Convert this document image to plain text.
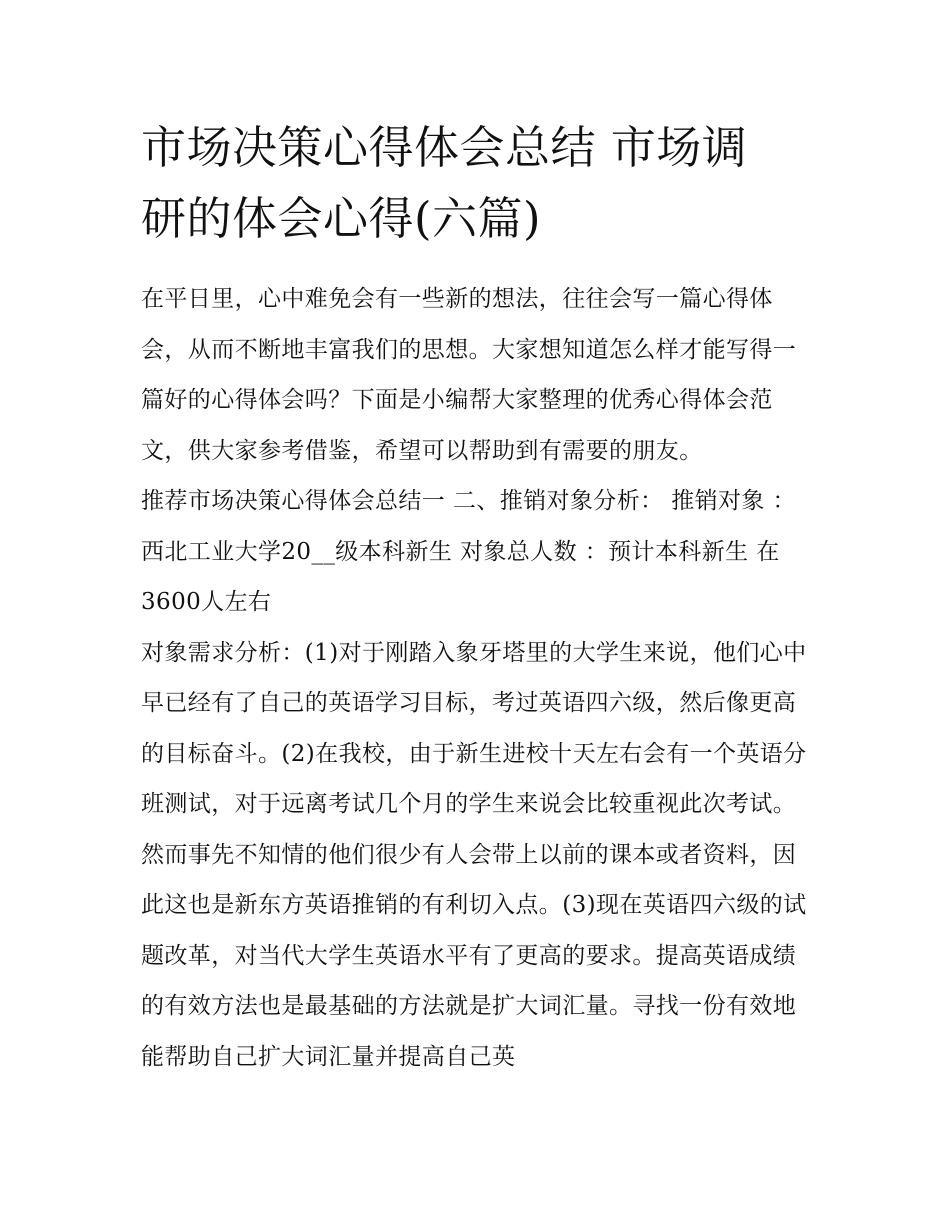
市场决策心得体会总结 市场调
研的体会心得(六篇)

在平日里，心中难免会有一些新的想法，往往会写一篇心得体会，从而不断地丰富我们的思想。大家想知道怎么样才能写得一篇好的心得体会吗？下面是小编帮大家整理的优秀心得体会范文，供大家参考借鉴，希望可以帮助到有需要的朋友。

推荐市场决策心得体会总结一 二、推销对象分析： 推销对象 ：西北工业大学20__级本科新生 对象总人数 ：预计本科新生 在3600人左右

对象需求分析：(1)对于刚踏入象牙塔里的大学生来说，他们心中早已经有了自己的英语学习目标，考过英语四六级，然后像更高的目标奋斗。(2)在我校，由于新生进校十天左右会有一个英语分班测试，对于远离考试几个月的学生来说会比较重视此次考试。然而事先不知情的他们很少有人会带上以前的课本或者资料，因此这也是新东方英语推销的有利切入点。(3)现在英语四六级的试题改革，对当代大学生英语水平有了更高的要求。提高英语成绩的有效方法也是最基础的方法就是扩大词汇量。寻找一份有效地能帮助自己扩大词汇量并提高自己英
